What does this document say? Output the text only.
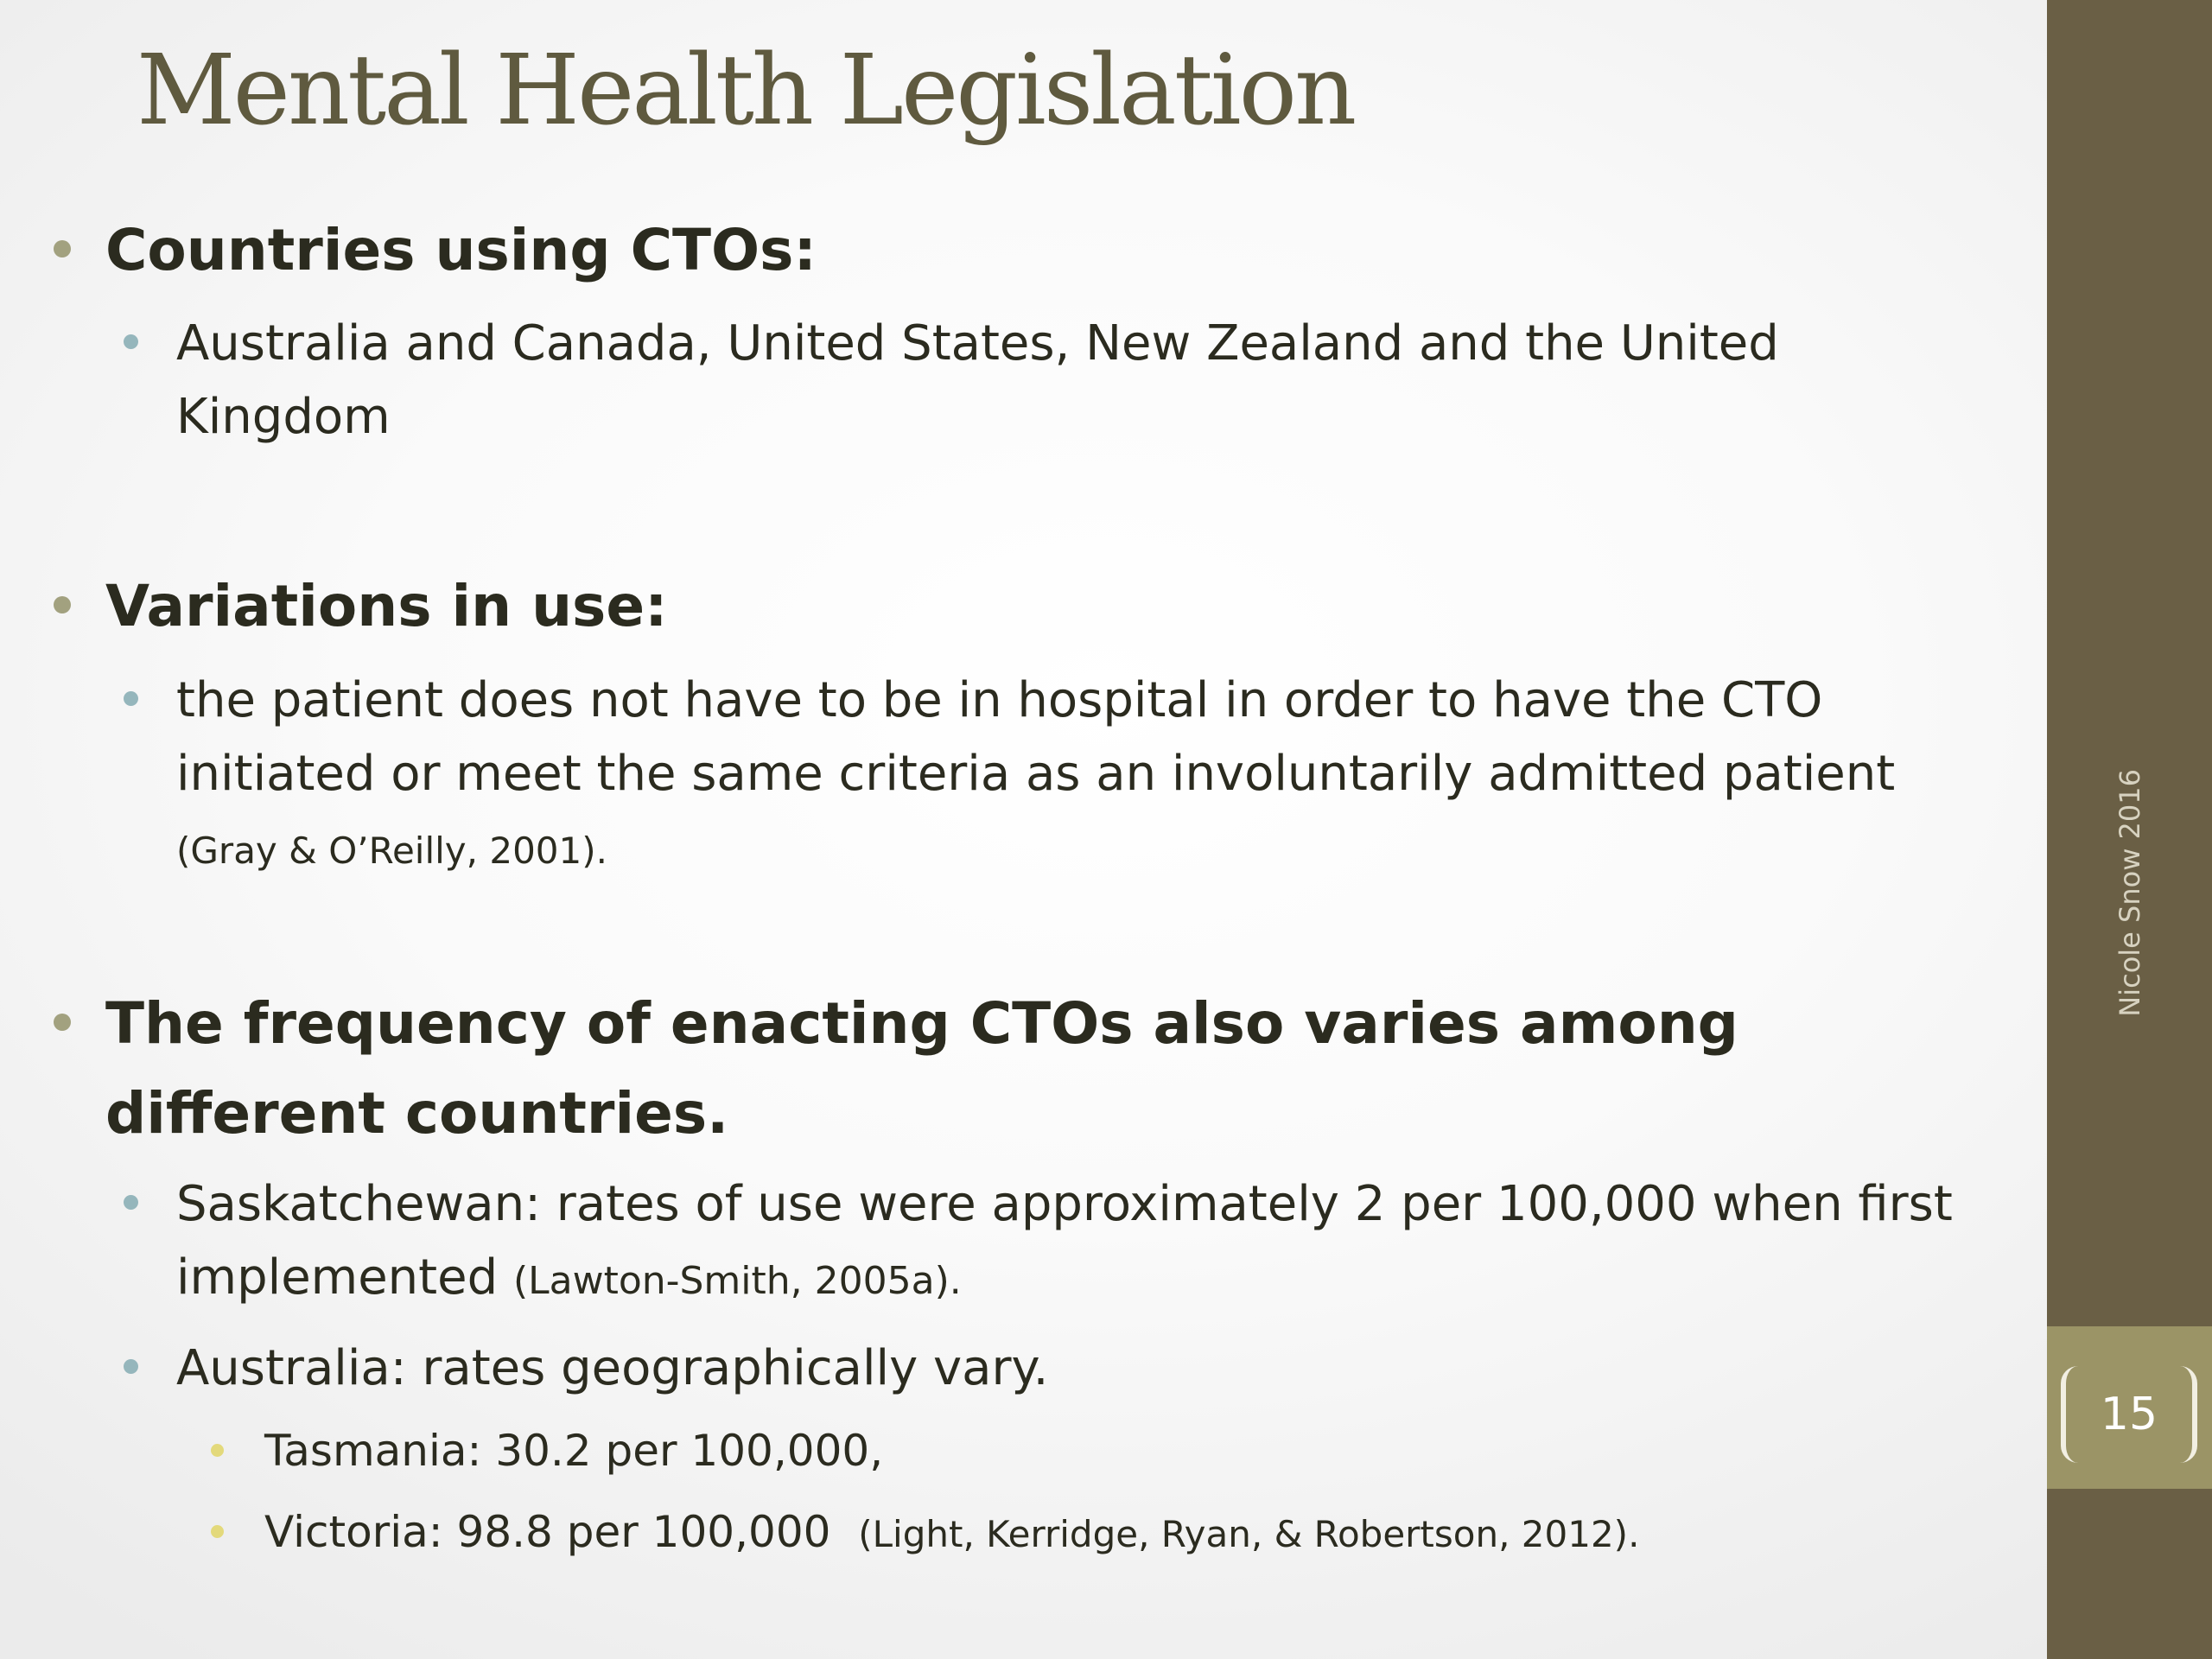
Mental Health Legislation

Countries using CTOs:

Australia and Canada, United States, New Zealand and the United Kingdom

Variations in use:

the patient does not have to be in hospital in order to have the CTO initiated or meet the same criteria as an involuntarily admitted patient
(Gray & O’Reilly, 2001).

The frequency of enacting CTOs also varies among different countries.

Saskatchewan: rates of use were approximately 2 per 100,000 when first implemented (Lawton-Smith, 2005a).

Australia: rates geographically vary.

Tasmania: 30.2 per 100,000,

Victoria: 98.8 per 100,000 (Light, Kerridge, Ryan, & Robertson, 2012).

Nicole Snow 2016
15
